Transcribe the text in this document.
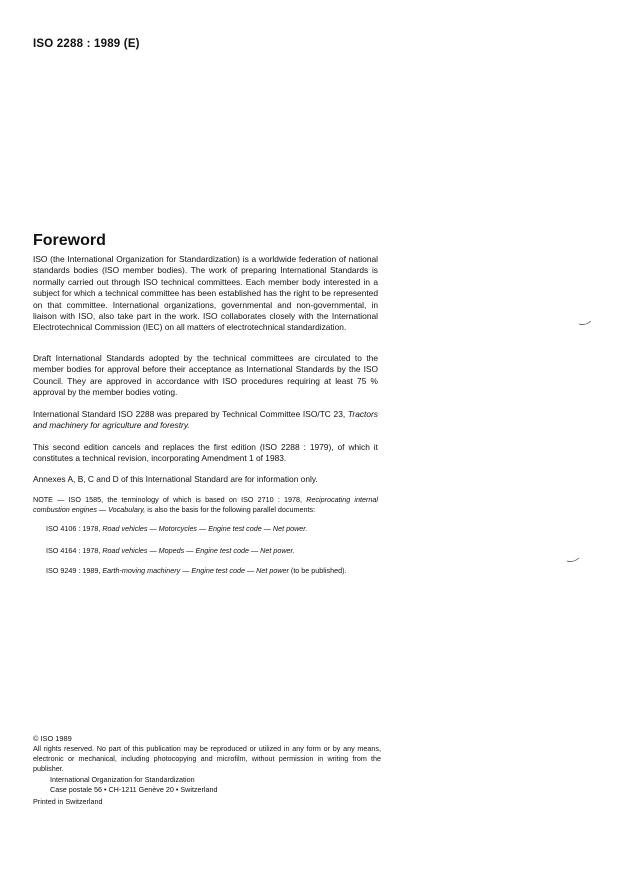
ISO 2288 : 1989 (E)
Foreword

ISO (the International Organization for Standardization) is a worldwide federation of national standards bodies (ISO member bodies). The work of preparing International Standards is normally carried out through ISO technical committees. Each member body interested in a subject for which a technical committee has been established has the right to be represented on that committee. International organizations, governmental and non-governmental, in liaison with ISO, also take part in the work. ISO collaborates closely with the International Electrotechnical Commission (IEC) on all matters of electrotechnical standardization.

Draft International Standards adopted by the technical committees are circulated to the member bodies for approval before their acceptance as International Standards by the ISO Council. They are approved in accordance with ISO procedures requiring at least 75 % approval by the member bodies voting.

International Standard ISO 2288 was prepared by Technical Committee ISO/TC 23, Tractors and machinery for agriculture and forestry.

This second edition cancels and replaces the first edition (ISO 2288 : 1979), of which it constitutes a technical revision, incorporating Amendment 1 of 1983.

Annexes A, B, C and D of this International Standard are for information only.

NOTE — ISO 1585, the terminology of which is based on ISO 2710 : 1978, Reciprocating internal combustion engines — Vocabulary, is also the basis for the following parallel documents:

ISO 4106 : 1978, Road vehicles — Motorcycles — Engine test code — Net power.

ISO 4164 : 1978, Road vehicles — Mopeds — Engine test code — Net power.

ISO 9249 : 1989, Earth-moving machinery — Engine test code — Net power (to be published).

© ISO 1989

All rights reserved. No part of this publication may be reproduced or utilized in any form or by any means, electronic or mechanical, including photocopying and microfilm, without permission in writing from the publisher.

International Organization for Standardization
Case postale 56 • CH-1211 Genève 20 • Switzerland
Printed in Switzerland
